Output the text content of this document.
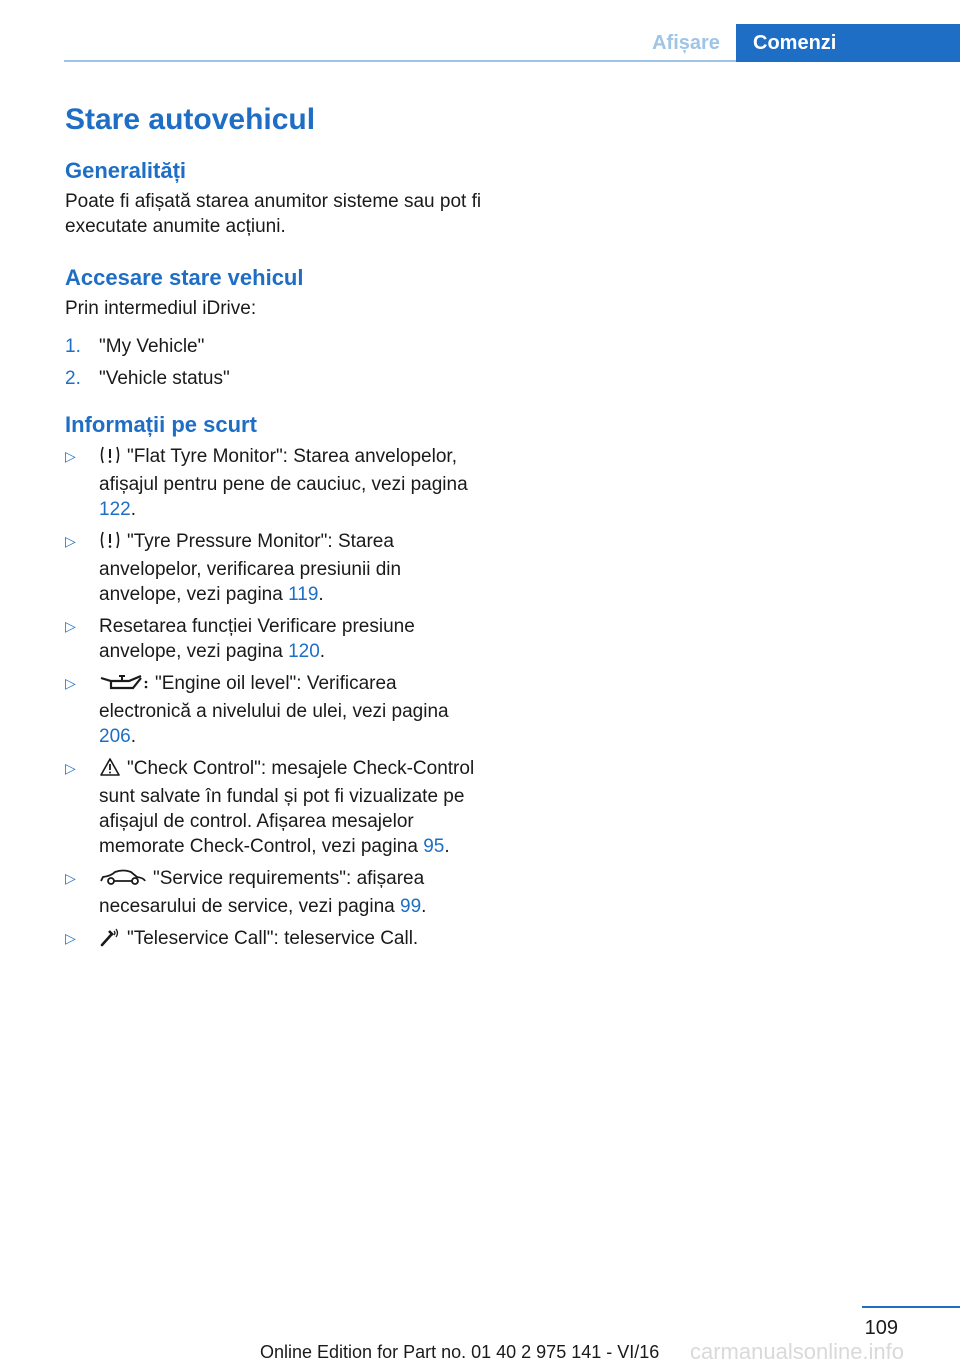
Afișare	Comenzi
Stare autovehicul
Generalități

Poate fi afișată starea anumitor sisteme sau pot fi executate anumite acțiuni.

Accesare stare vehicul

Prin intermediul iDrive:

1. "My Vehicle"
2. "Vehicle status"
Informații pe scurt
▷	"Flat Tyre Monitor": Starea anvelopelor, afișajul pentru pene de cauciuc, vezi pagina 122.
▷	"Tyre Pressure Monitor": Starea anvelopelor, verificarea presiunii din anvelope, vezi pagina 119.
▷ Resetarea funcției Verificare presiune anvelope, vezi pagina 120.
▷	"Engine oil level": Verificarea electronică a nivelului de ulei, vezi pagina 206.
▷	"Check Control": mesajele Check-Control sunt salvate în fundal și pot fi vizualizate pe afișajul de control. Afișarea mesajelor memorate Check-Control, vezi pagina 95.
▷	"Service requirements": afișarea necesarului de service, vezi pagina 99.
▷	"Teleservice Call": teleservice Call.
109
Online Edition for Part no. 01 40 2 975 141 - VI/16 carmanualsonline.info
